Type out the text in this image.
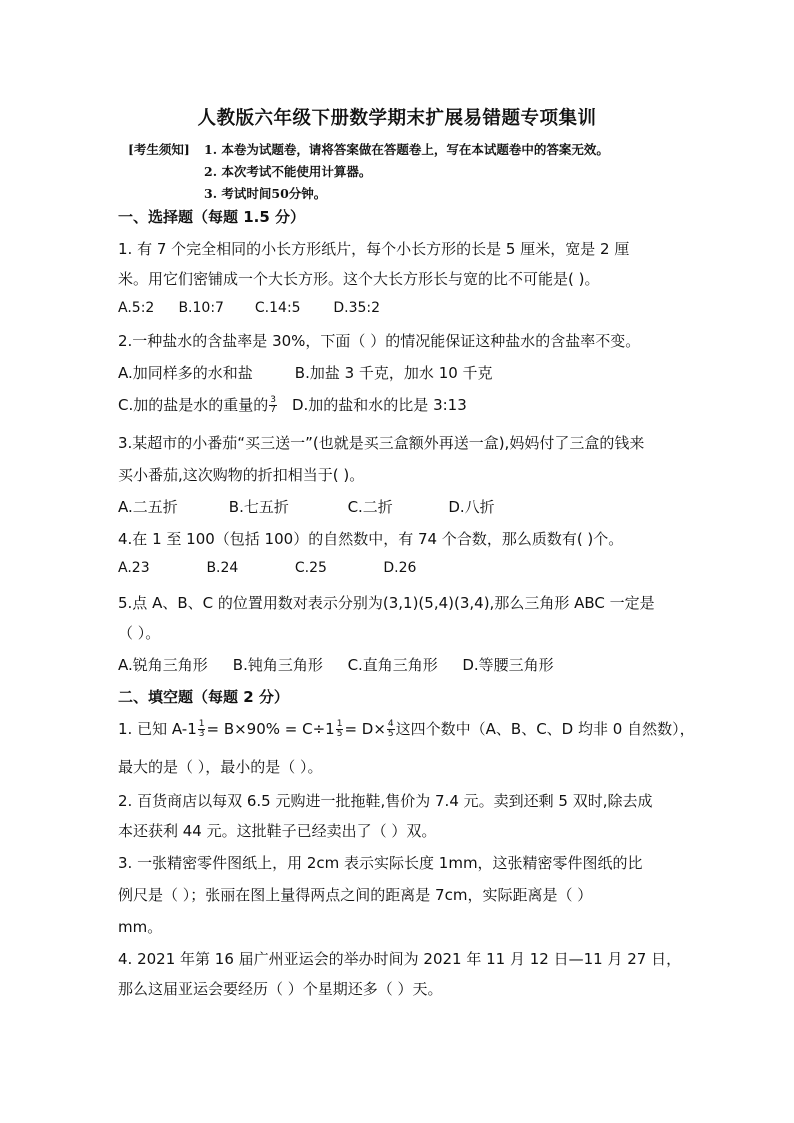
人教版六年级下册数学期末扩展易错题专项集训
[考生须知] 1. 本卷为试题卷，请将答案做在答题卷上，写在本试题卷中的答案无效。
2. 本次考试不能使用计算器。
3. 考试时间50分钟。
一、选择题（每题 1.5 分）
1. 有 7 个完全相同的小长方形纸片，每个小长方形的长是 5 厘米，宽是 2 厘
米。用它们密铺成一个大长方形。这个大长方形长与宽的比不可能是( )。
A.5:2 B.10:7 C.14:5 D.35:2
2.一种盐水的含盐率是 30%，下面（ ）的情况能保证这种盐水的含盐率不变。
A.加同样多的水和盐	B.加盐 3 千克，加水 10 千克
C.加的盐是水的重量的 $\frac{3}{7} D$.加的盐和水的比是 3:13
3.某超市的小番茄“买三送一”(也就是买三盒额外再送一盒),妈妈付了三盒的钱来
买小番茄,这次购物的折扣相当于( )。
A.二五折	B.七五折	C.二折	D.八折
4.在 1 至 100（包括 100）的自然数中，有 74 个合数，那么质数有( )个。
A.23	B.24	C.25	D.26
5.点 A、B、C 的位置用数对表示分别为(3,1)(5,4)(3,4),那么三角形 ABC 一定是
（ ）。
A.锐角三角形 B.钝角三角形 C.直角三角形 D.等腰三角形
二、填空题（每题 2 分）
1. 已知 $A-1 \frac{1}{3} = B\times 90\% = C\div 1 \frac{1}{5} = D\times \frac{4}{5}$ 这四个数中（A、B、C、D 均非 0 自然数），
最大的是（ ），最小的是（ ）。
2. 百货商店以每双 6.5 元购进一批拖鞋,售价为 7.4 元。卖到还剩 5 双时,除去成
本还获利 44 元。这批鞋子已经卖出了（ ）双。
3. 一张精密零件图纸上，用 2cm 表示实际长度 1mm，这张精密零件图纸的比
例尺是（ ）；张丽在图上量得两点之间的距离是 7cm，实际距离是（ ）
mm。
4. 2021 年第 16 届广州亚运会的举办时间为 2021 年 11 月 12 日—11 月 27 日，
那么这届亚运会要经历（ ）个星期还多（ ）天。
